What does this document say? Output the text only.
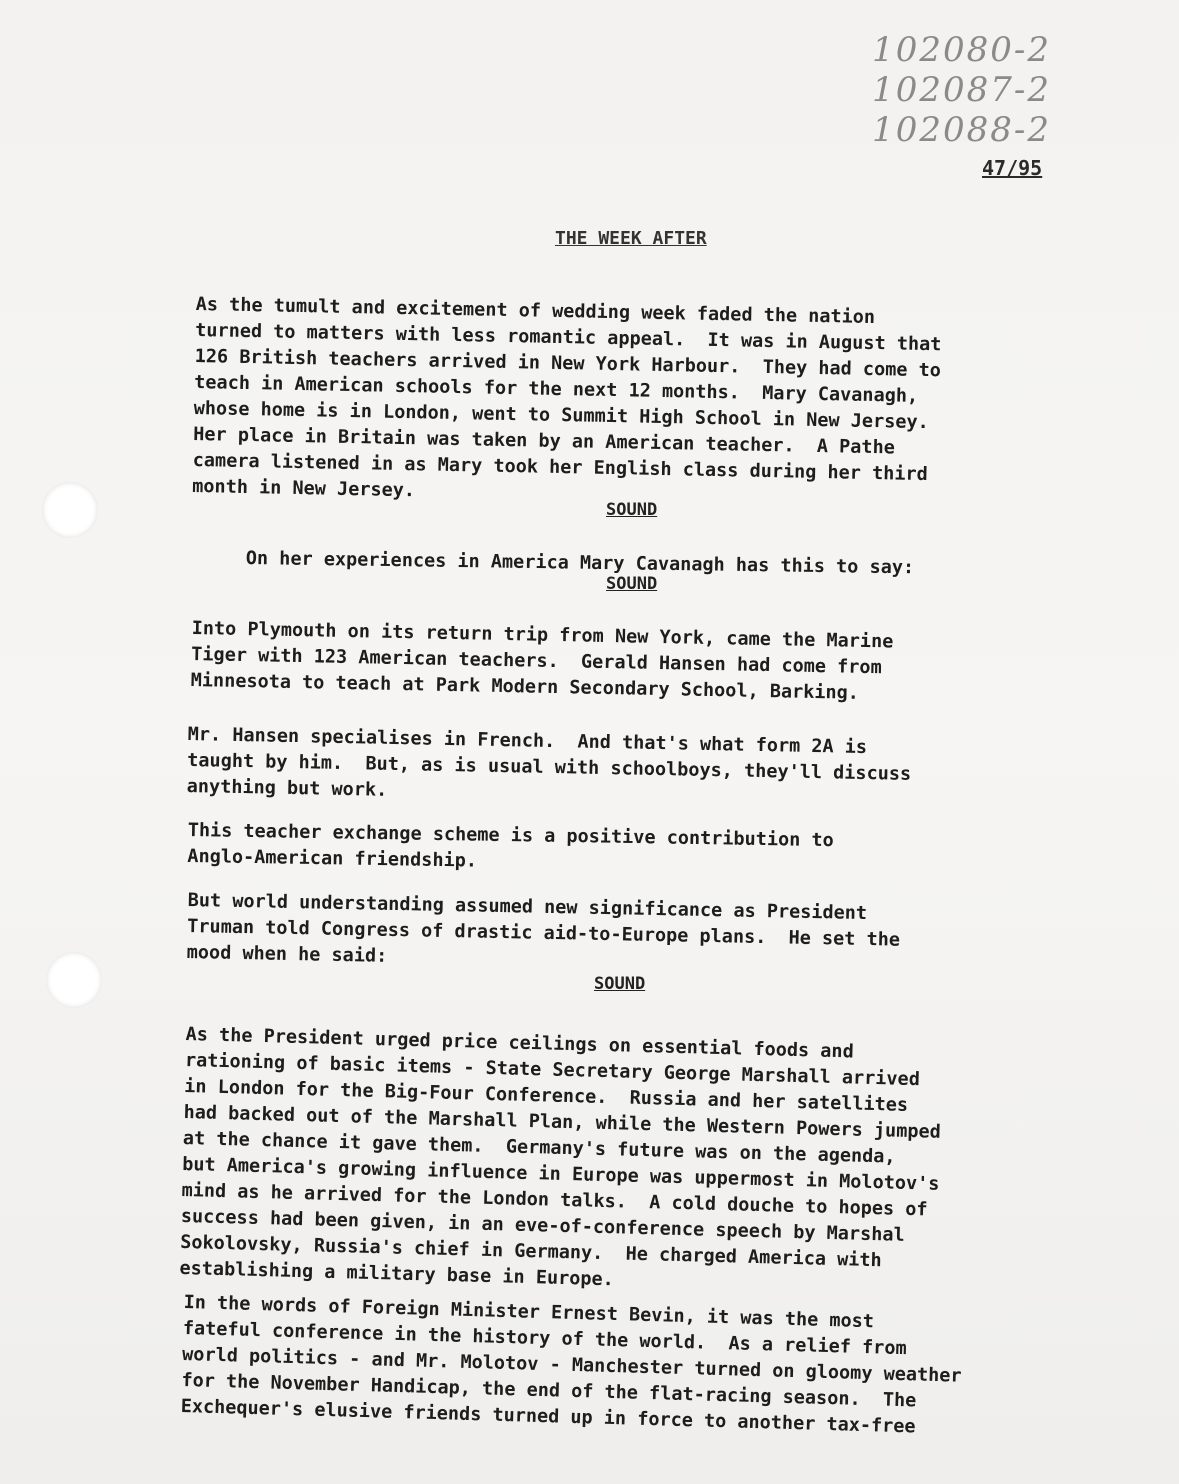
102080-2
102087-2
102088-2
47/95
THE WEEK AFTER

As the tumult and excitement of wedding week faded the nation
turned to matters with less romantic appeal.  It was in August that
126 British teachers arrived in New York Harbour.  They had come to
teach in American schools for the next 12 months.  Mary Cavanagh,
whose home is in London, went to Summit High School in New Jersey.
Her place in Britain was taken by an American teacher.  A Pathe
camera listened in as Mary took her English class during her third
month in New Jersey.

SOUND
On her experiences in America Mary Cavanagh has this to say:
SOUND

Into Plymouth on its return trip from New York, came the Marine
Tiger with 123 American teachers.  Gerald Hansen had come from
Minnesota to teach at Park Modern Secondary School, Barking.

Mr. Hansen specialises in French.  And that's what form 2A is
taught by him.  But, as is usual with schoolboys, they'll discuss
anything but work.

This teacher exchange scheme is a positive contribution to
Anglo-American friendship.

But world understanding assumed new significance as President
Truman told Congress of drastic aid-to-Europe plans.  He set the
mood when he said:

SOUND

As the President urged price ceilings on essential foods and
rationing of basic items - State Secretary George Marshall arrived
in London for the Big-Four Conference.  Russia and her satellites
had backed out of the Marshall Plan, while the Western Powers jumped
at the chance it gave them.  Germany's future was on the agenda,
but America's growing influence in Europe was uppermost in Molotov's
mind as he arrived for the London talks.  A cold douche to hopes of
success had been given, in an eve-of-conference speech by Marshal
Sokolovsky, Russia's chief in Germany.  He charged America with
establishing a military base in Europe.

In the words of Foreign Minister Ernest Bevin, it was the most
fateful conference in the history of the world.  As a relief from
world politics - and Mr. Molotov - Manchester turned on gloomy weather
for the November Handicap, the end of the flat-racing season.  The
Exchequer's elusive friends turned up in force to another tax-free
